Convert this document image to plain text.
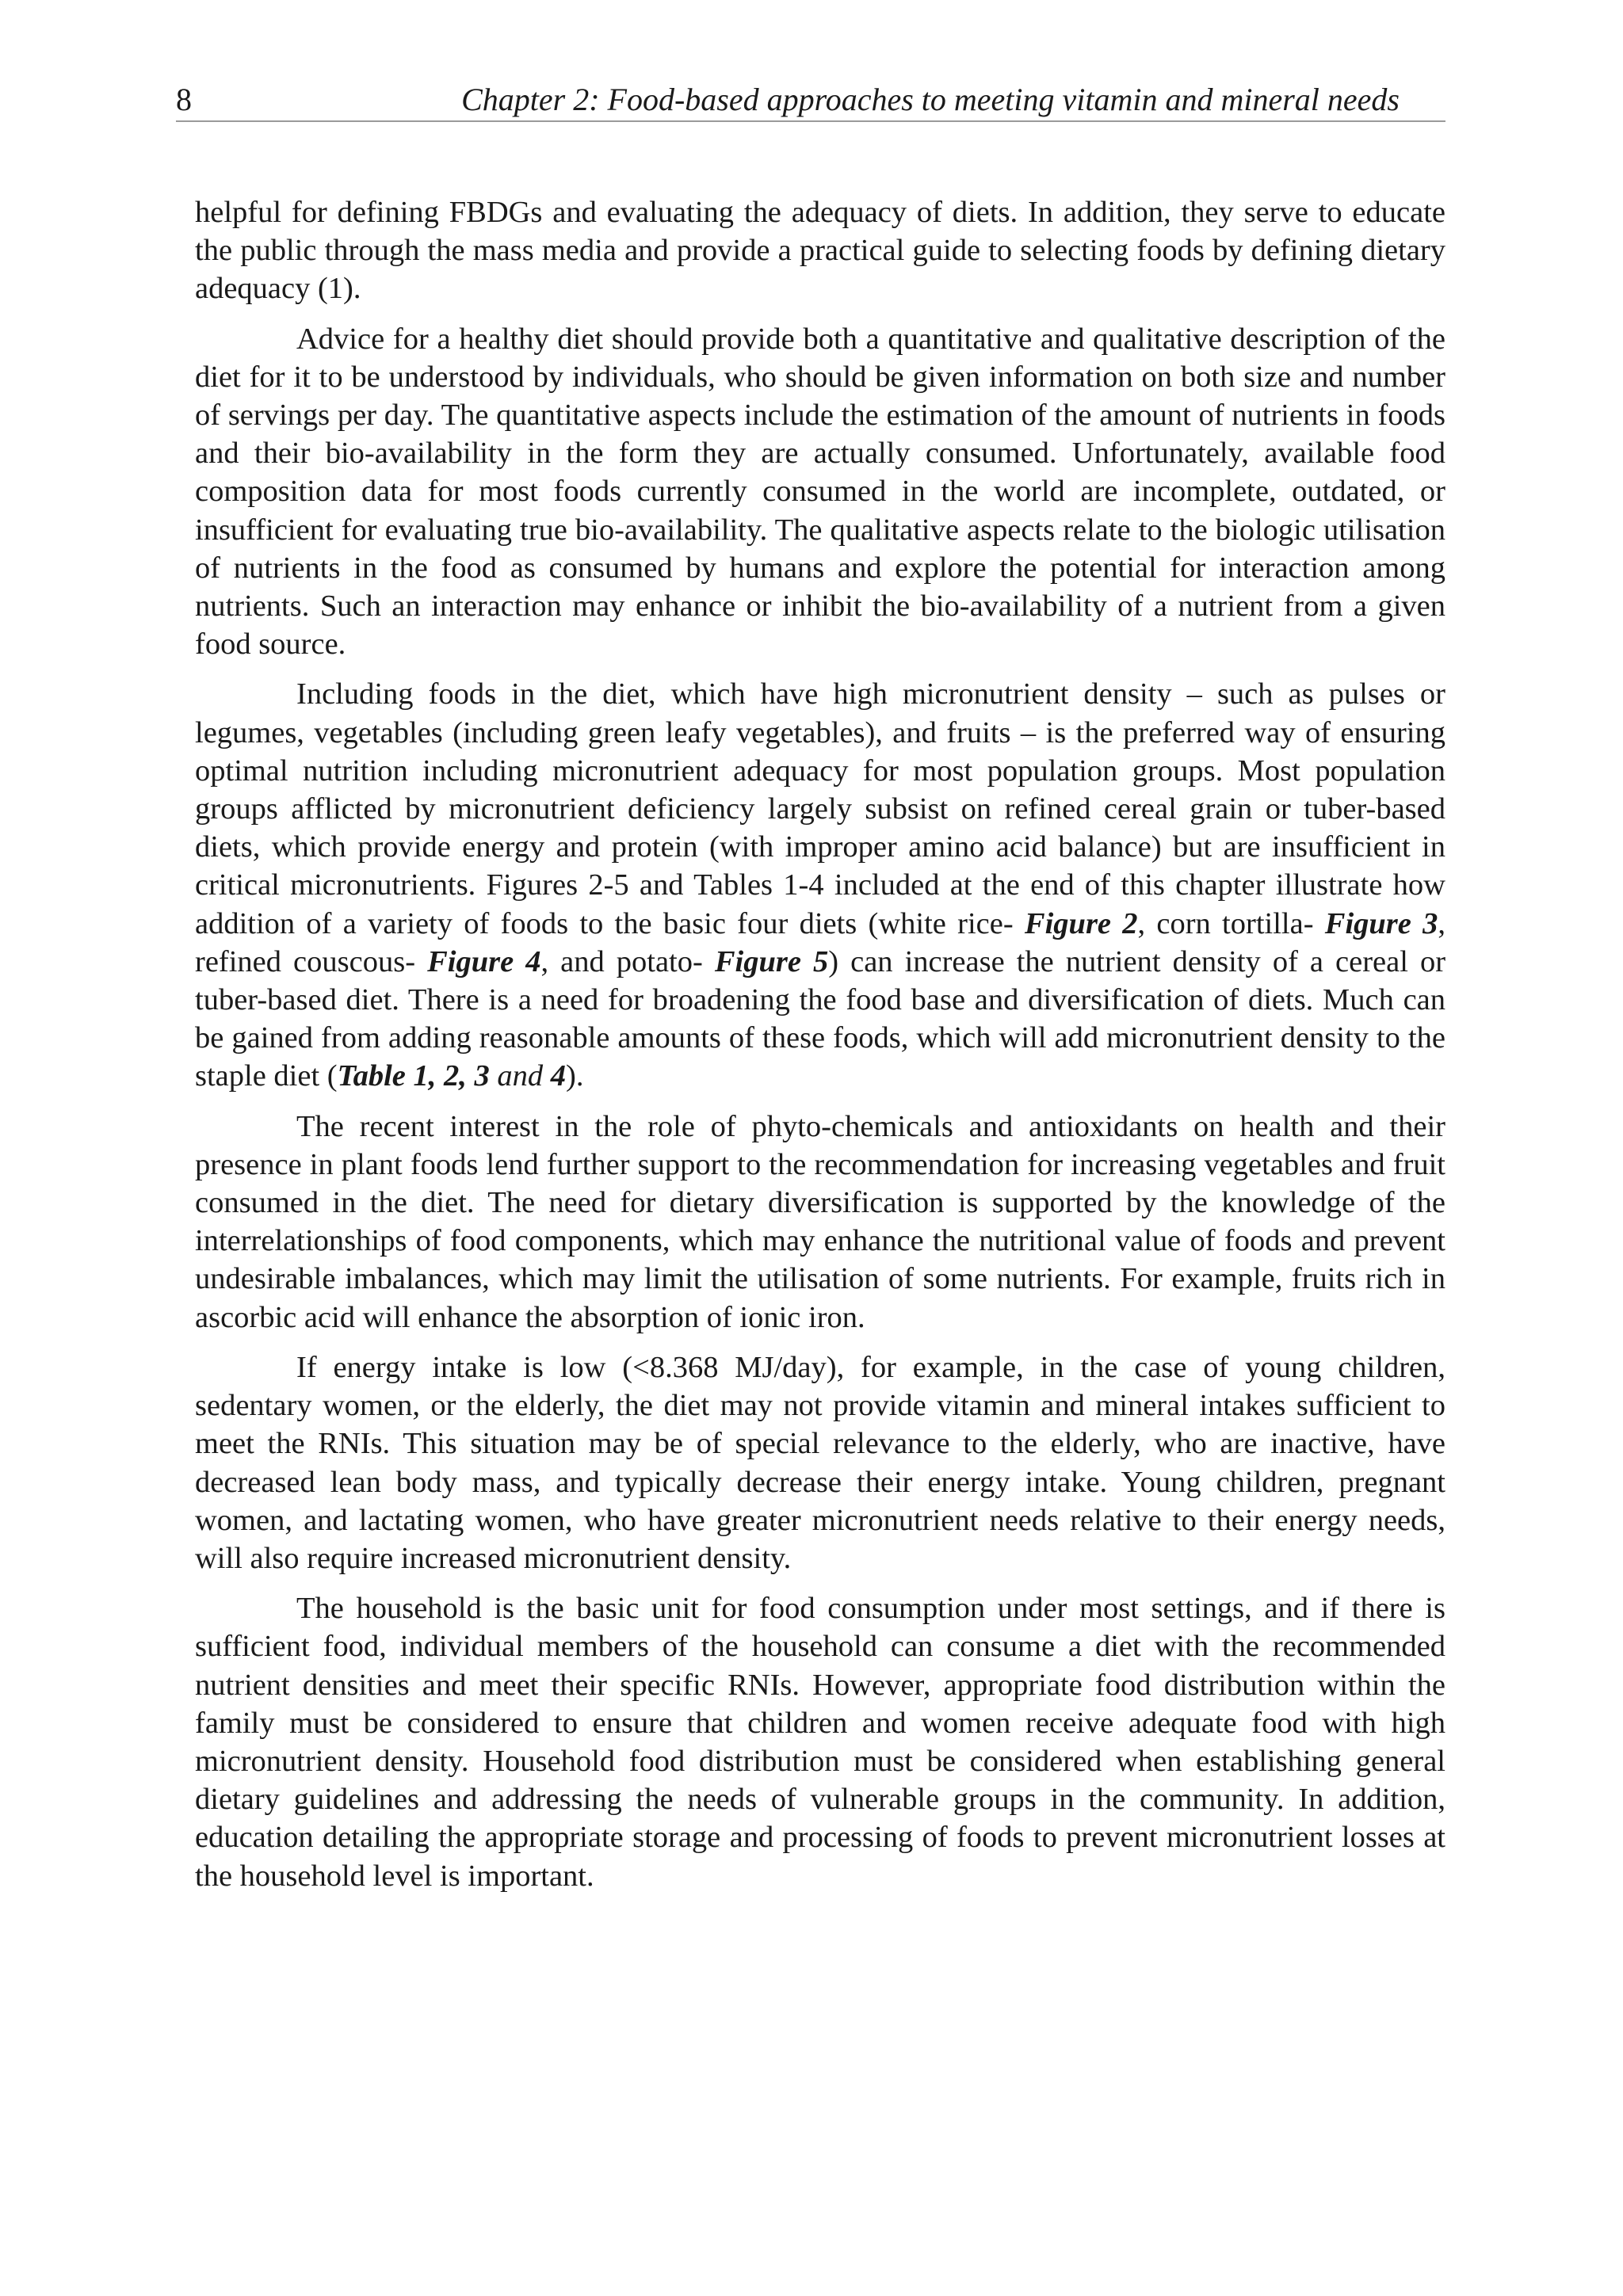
8	Chapter 2: Food-based approaches to meeting vitamin and mineral needs

helpful for defining FBDGs and evaluating the adequacy of diets. In addition, they serve to educate the public through the mass media and provide a practical guide to selecting foods by defining dietary adequacy (1).

Advice for a healthy diet should provide both a quantitative and qualitative description of the diet for it to be understood by individuals, who should be given information on both size and number of servings per day. The quantitative aspects include the estimation of the amount of nutrients in foods and their bio-availability in the form they are actually consumed. Unfortunately, available food composition data for most foods currently consumed in the world are incomplete, outdated, or insufficient for evaluating true bio-availability. The qualitative aspects relate to the biologic utilisation of nutrients in the food as consumed by humans and explore the potential for interaction among nutrients. Such an interaction may enhance or inhibit the bio-availability of a nutrient from a given food source.

Including foods in the diet, which have high micronutrient density – such as pulses or legumes, vegetables (including green leafy vegetables), and fruits – is the preferred way of ensuring optimal nutrition including micronutrient adequacy for most population groups. Most population groups afflicted by micronutrient deficiency largely subsist on refined cereal grain or tuber-based diets, which provide energy and protein (with improper amino acid balance) but are insufficient in critical micronutrients. Figures 2-5 and Tables 1-4 included at the end of this chapter illustrate how addition of a variety of foods to the basic four diets (white rice- Figure 2, corn tortilla- Figure 3, refined couscous- Figure 4, and potato- Figure 5) can increase the nutrient density of a cereal or tuber-based diet. There is a need for broadening the food base and diversification of diets. Much can be gained from adding reasonable amounts of these foods, which will add micronutrient density to the staple diet (Table 1, 2, 3 and 4).

The recent interest in the role of phyto-chemicals and antioxidants on health and their presence in plant foods lend further support to the recommendation for increasing vegetables and fruit consumed in the diet. The need for dietary diversification is supported by the knowledge of the interrelationships of food components, which may enhance the nutritional value of foods and prevent undesirable imbalances, which may limit the utilisation of some nutrients. For example, fruits rich in ascorbic acid will enhance the absorption of ionic iron.

If energy intake is low (<8.368 MJ/day), for example, in the case of young children, sedentary women, or the elderly, the diet may not provide vitamin and mineral intakes sufficient to meet the RNIs. This situation may be of special relevance to the elderly, who are inactive, have decreased lean body mass, and typically decrease their energy intake. Young children, pregnant women, and lactating women, who have greater micronutrient needs relative to their energy needs, will also require increased micronutrient density.

The household is the basic unit for food consumption under most settings, and if there is sufficient food, individual members of the household can consume a diet with the recommended nutrient densities and meet their specific RNIs. However, appropriate food distribution within the family must be considered to ensure that children and women receive adequate food with high micronutrient density. Household food distribution must be considered when establishing general dietary guidelines and addressing the needs of vulnerable groups in the community. In addition, education detailing the appropriate storage and processing of foods to prevent micronutrient losses at the household level is important.
